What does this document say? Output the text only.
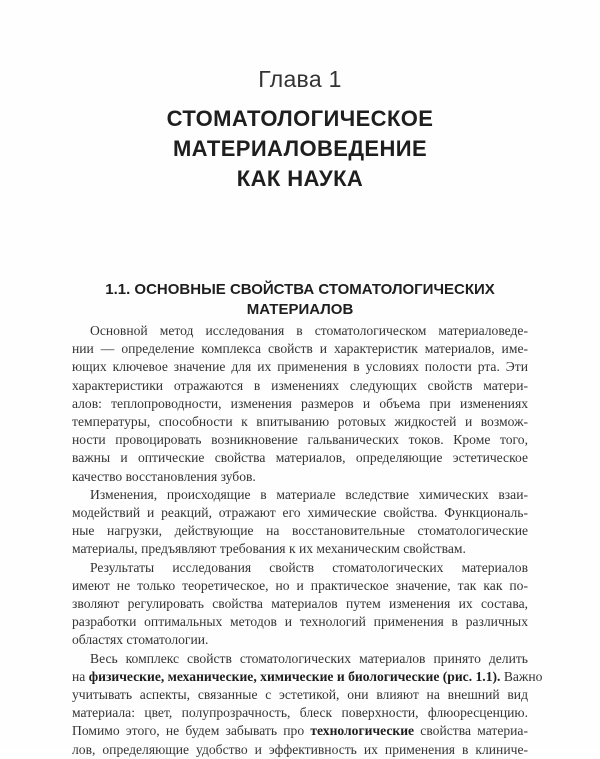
Глава 1
СТОМАТОЛОГИЧЕСКОЕ
МАТЕРИАЛОВЕДЕНИЕ
КАК НАУКА
1.1. ОСНОВНЫЕ СВОЙСТВА СТОМАТОЛОГИЧЕСКИХ
МАТЕРИАЛОВ
Основной метод исследования в стоматологическом материаловеде-
нии — определение комплекса свойств и характеристик материалов, име-
ющих ключевое значение для их применения в условиях полости рта. Эти
характеристики отражаются в изменениях следующих свойств матери-
алов: теплопроводности, изменения размеров и объема при изменениях
температуры, способности к впитыванию ротовых жидкостей и возмож-
ности провоцировать возникновение гальванических токов. Кроме того,
важны и оптические свойства материалов, определяющие эстетическое
качество восстановления зубов.
Изменения, происходящие в материале вследствие химических взаи-
модействий и реакций, отражают его химические свойства. Функциональ-
ные нагрузки, действующие на восстановительные стоматологические
материалы, предъявляют требования к их механическим свойствам.
Результаты исследования свойств стоматологических материалов
имеют не только теоретическое, но и практическое значение, так как по-
зволяют регулировать свойства материалов путем изменения их состава,
разработки оптимальных методов и технологий применения в различных
областях стоматологии.
Весь комплекс свойств стоматологических материалов принято делить
на физические, механические, химические и биологические (рис. 1.1). Важно
учитывать аспекты, связанные с эстетикой, они влияют на внешний вид
материала: цвет, полупрозрачность, блеск поверхности, флюоресценцию.
Помимо этого, не будем забывать про технологические свойства материа-
лов, определяющие удобство и эффективность их применения в клиниче-
